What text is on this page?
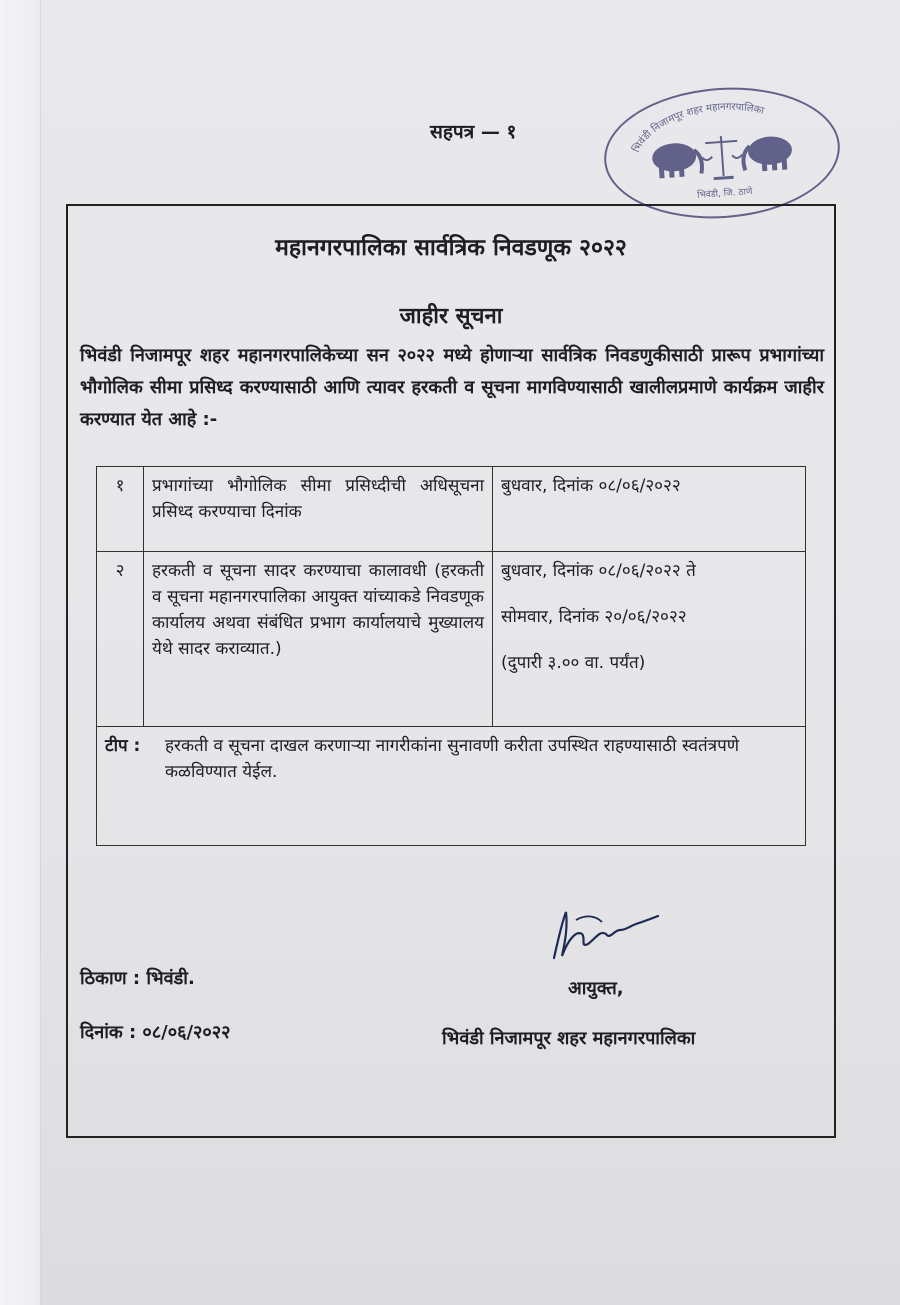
सहपत्र — १
भिवंडी निजामपूर शहर महानगरपालिका
भिवंडी, जि. ठाणे
महानगरपालिका सार्वत्रिक निवडणूक २०२२
जाहीर सूचना
भिवंडी निजामपूर शहर महानगरपालिकेच्या सन २०२२ मध्ये होणाऱ्या सार्वत्रिक निवडणुकीसाठी प्रारूप प्रभागांच्या भौगोलिक सीमा प्रसिध्द करण्यासाठी आणि त्यावर हरकती व सूचना मागविण्यासाठी खालीलप्रमाणे कार्यक्रम जाहीर करण्यात येत आहे :-
१	प्रभागांच्या भौगोलिक सीमा प्रसिध्दीची अधिसूचना प्रसिध्द करण्याचा दिनांक	बुधवार, दिनांक ०८/०६/२०२२

२	हरकती व सूचना सादर करण्याचा कालावधी (हरकती व सूचना महानगरपालिका आयुक्त यांच्याकडे निवडणूक कार्यालय अथवा संबंधित प्रभाग कार्यालयाचे मुख्यालय येथे सादर कराव्यात.)	बुधवार, दिनांक ०८/०६/२०२२ ते
सोमवार, दिनांक २०/०६/२०२२
(दुपारी ३.०० वा. पर्यंत)

टीप : हरकती व सूचना दाखल करणाऱ्या नागरीकांना सुनावणी करीता उपस्थित राहण्यासाठी स्वतंत्रपणे कळविण्यात येईल.		
आयुक्त,
ठिकाण : भिवंडी.
दिनांक : ०८/०६/२०२२	भिवंडी निजामपूर शहर महानगरपालिका
